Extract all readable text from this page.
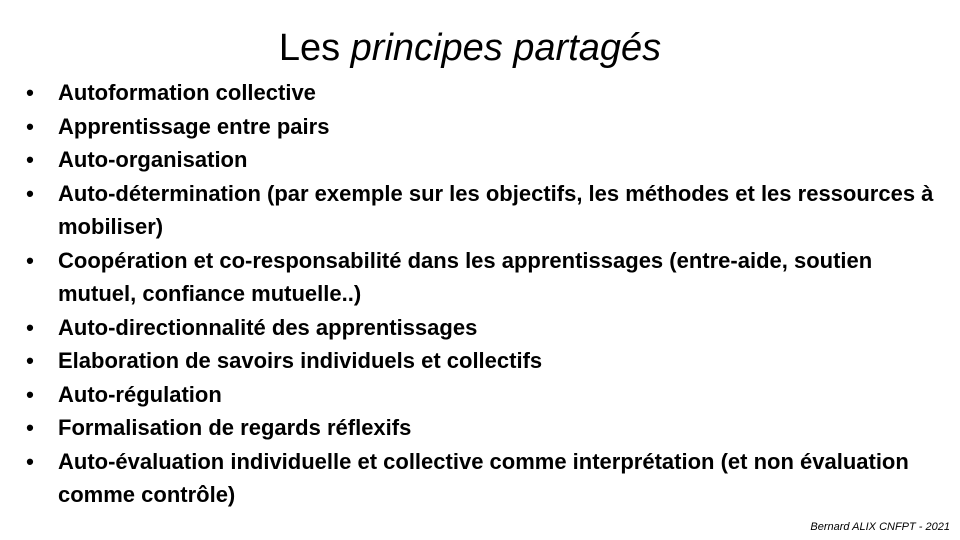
Les principes partagés
• Autoformation collective
• Apprentissage entre pairs
• Auto-organisation
• Auto-détermination (par exemple sur les objectifs, les méthodes et les ressources à mobiliser)
• Coopération et co-responsabilité dans les apprentissages (entre-aide, soutien mutuel, confiance mutuelle..)
• Auto-directionnalité des apprentissages
• Elaboration de savoirs individuels et collectifs
• Auto-régulation
• Formalisation de regards réflexifs
• Auto-évaluation individuelle et collective comme interprétation (et non évaluation comme contrôle)
Bernard ALIX CNFPT - 2021
